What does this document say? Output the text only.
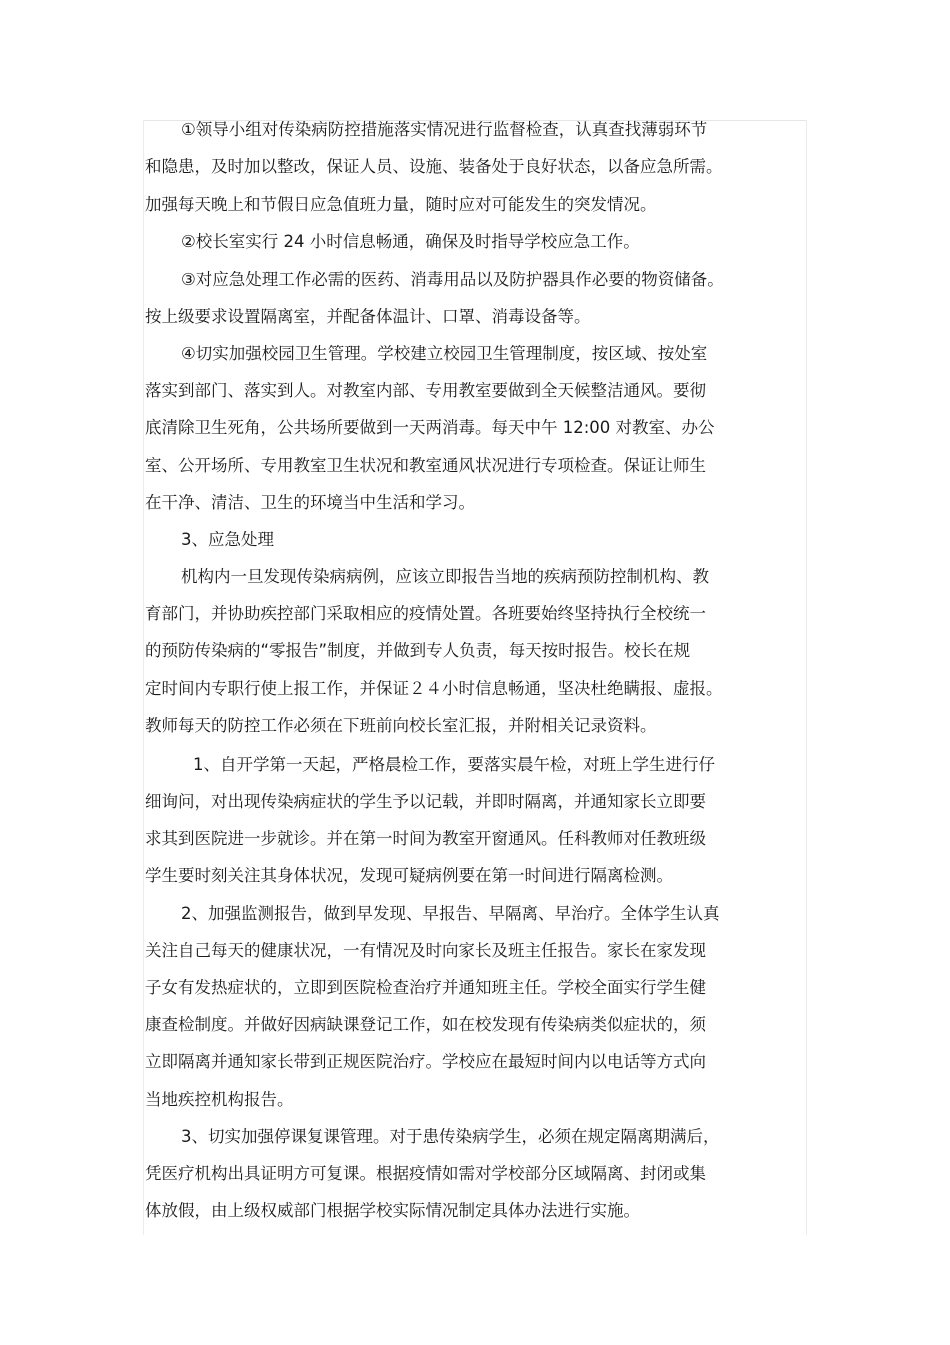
①领导小组对传染病防控措施落实情况进行监督检查，认真查找薄弱环节

和隐患，及时加以整改，保证人员、设施、装备处于良好状态，以备应急所需。

加强每天晚上和节假日应急值班力量，随时应对可能发生的突发情况。

②校长室实行 24 小时信息畅通，确保及时指导学校应急工作。

③对应急处理工作必需的医药、消毒用品以及防护器具作必要的物资储备。

按上级要求设置隔离室，并配备体温计、口罩、消毒设备等。

④切实加强校园卫生管理。学校建立校园卫生管理制度，按区域、按处室

落实到部门、落实到人。对教室内部、专用教室要做到全天候整洁通风。要彻

底清除卫生死角，公共场所要做到一天两消毒。每天中午 12:00 对教室、办公

室、公开场所、专用教室卫生状况和教室通风状况进行专项检查。保证让师生

在干净、清洁、卫生的环境当中生活和学习。

3、应急处理

机构内一旦发现传染病病例，应该立即报告当地的疾病预防控制机构、教

育部门，并协助疾控部门采取相应的疫情处置。各班要始终坚持执行全校统一

的预防传染病的“零报告”制度，并做到专人负责，每天按时报告。校长在规

定时间内专职行使上报工作，并保证２４小时信息畅通，坚决杜绝瞒报、虚报。

教师每天的防控工作必须在下班前向校长室汇报，并附相关记录资料。

1、自开学第一天起，严格晨检工作，要落实晨午检，对班上学生进行仔

细询问，对出现传染病症状的学生予以记载，并即时隔离，并通知家长立即要

求其到医院进一步就诊。并在第一时间为教室开窗通风。任科教师对任教班级

学生要时刻关注其身体状况，发现可疑病例要在第一时间进行隔离检测。

2、加强监测报告，做到早发现、早报告、早隔离、早治疗。全体学生认真

关注自己每天的健康状况，一有情况及时向家长及班主任报告。家长在家发现

子女有发热症状的，立即到医院检查治疗并通知班主任。学校全面实行学生健

康查检制度。并做好因病缺课登记工作，如在校发现有传染病类似症状的，须

立即隔离并通知家长带到正规医院治疗。学校应在最短时间内以电话等方式向

当地疾控机构报告。

3、切实加强停课复课管理。对于患传染病学生，必须在规定隔离期满后，

凭医疗机构出具证明方可复课。根据疫情如需对学校部分区域隔离、封闭或集

体放假，由上级权威部门根据学校实际情况制定具体办法进行实施。
